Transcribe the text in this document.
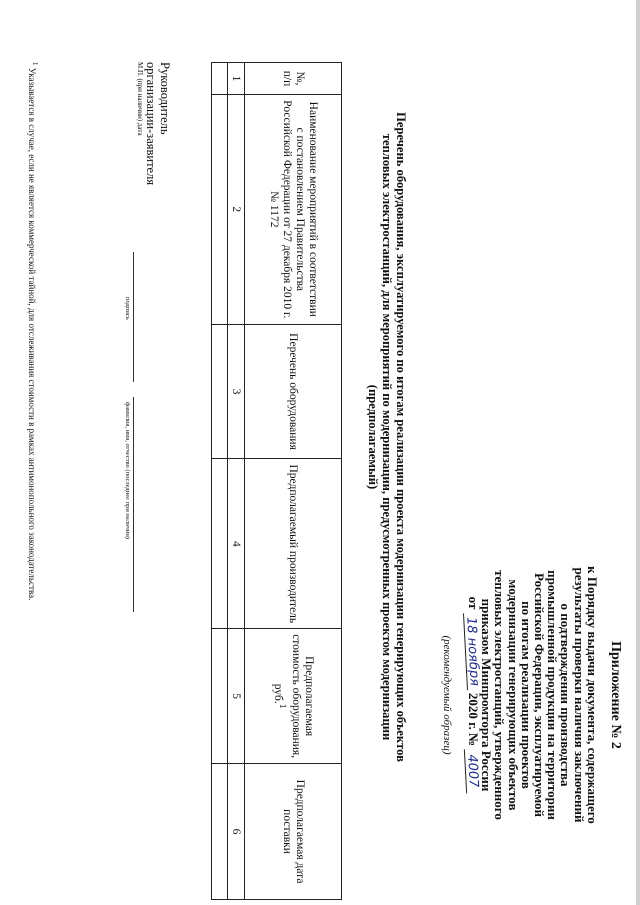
Приложение № 2
к Порядку выдачи документа, содержащего
результаты проверки наличия заключений
о подтверждении производства
промышленной продукции на территории
Российской Федерации, эксплуатируемой
по итогам реализации проектов
модернизации генерирующих объектов
тепловых электростанций, утвержденного
приказом Минпромторга России
от 18 ноября 2020 г. № 4007
(рекомендуемый образец)
Перечень оборудования, эксплуатируемого по итогам реализации проекта модернизации генерирующих объектов
тепловых электростанций, для мероприятий по модернизации, предусмотренных проектом модернизации
(предполагаемый)
№, п/п	Наименование мероприятий в соответствии с постановлением Правительства Российской Федерации от 27 декабря 2010 г. № 1172	Перечень оборудования	Предполагаемый производитель	Предполагаемая стоимость оборудования, руб.$^1$	Предполагаемая дата поставки
1	2	3	4	5	6

Руководитель
организации-заявителя
подпись
фамилия, имя, отчество (последнее при наличии)
М.П. (при наличии) дата
$^1$ Указывается в случае, если не является коммерческой тайной, для отслеживания стоимости в рамках антимонопольного законодательства.
